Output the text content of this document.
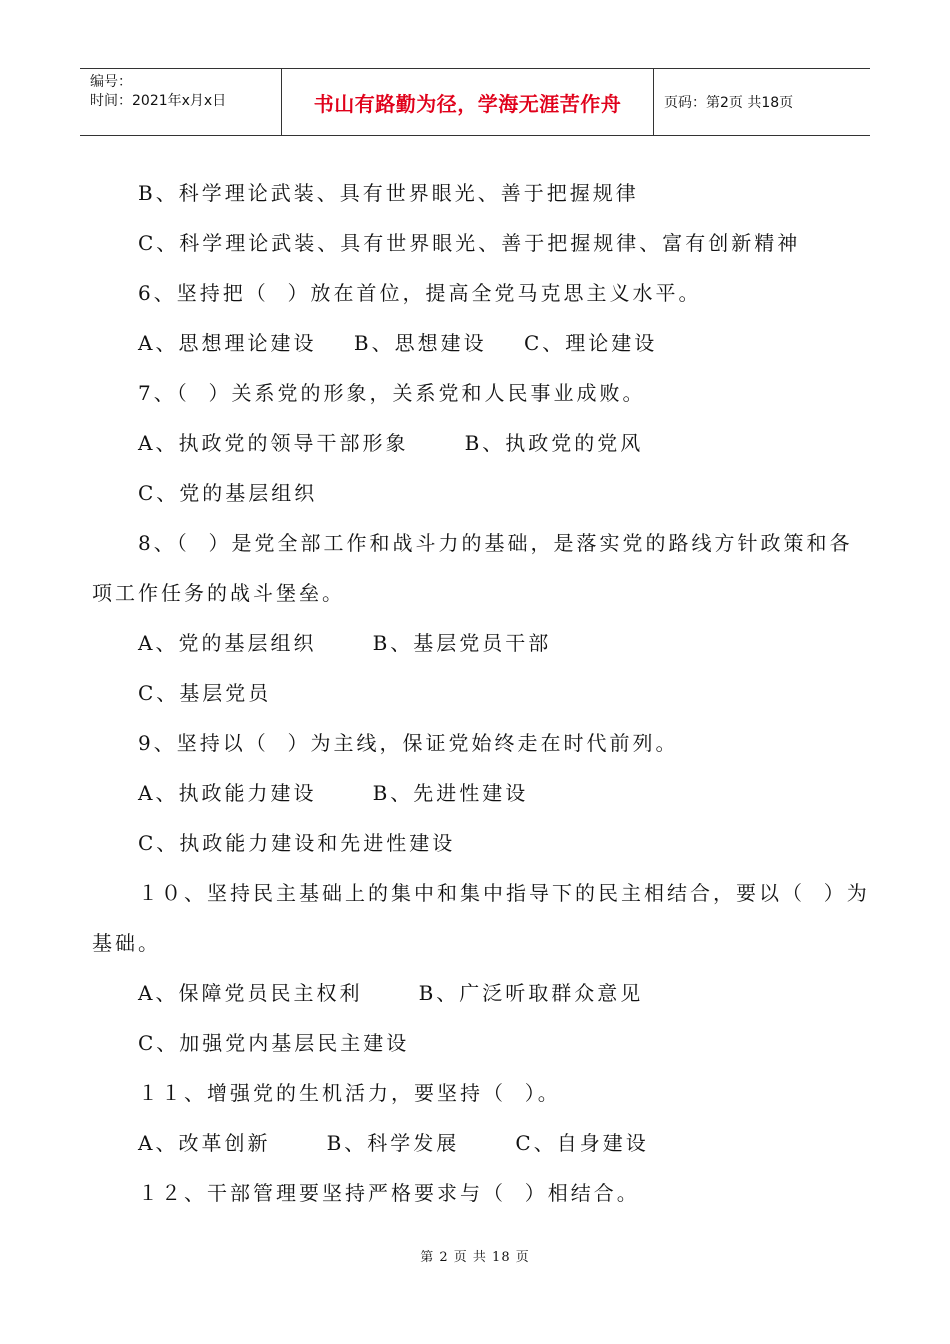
编号：
时间：2021年x月x日	书山有路勤为径，学海无涯苦作舟	页码：第2页 共18页
B、科学理论武装、具有世界眼光、善于把握规律
C、科学理论武装、具有世界眼光、善于把握规律、富有创新精神
6、坚持把（  ）放在首位，提高全党马克思主义水平。
A、思想理论建设    B、思想建设    C、理论建设
7、（  ）关系党的形象，关系党和人民事业成败。
A、执政党的领导干部形象      B、执政党的党风
C、党的基层组织
8、（  ）是党全部工作和战斗力的基础，是落实党的路线方针政策和各
项工作任务的战斗堡垒。
A、党的基层组织      B、基层党员干部
C、基层党员
9、坚持以（  ）为主线，保证党始终走在时代前列。
A、执政能力建设      B、先进性建设
C、执政能力建设和先进性建设
１０、坚持民主基础上的集中和集中指导下的民主相结合，要以（  ）为
基础。
A、保障党员民主权利      B、广泛听取群众意见
C、加强党内基层民主建设
１１、增强党的生机活力，要坚持（  ）。
A、改革创新      B、科学发展      C、自身建设
１２、干部管理要坚持严格要求与（  ）相结合。
第 2 页 共 18 页
